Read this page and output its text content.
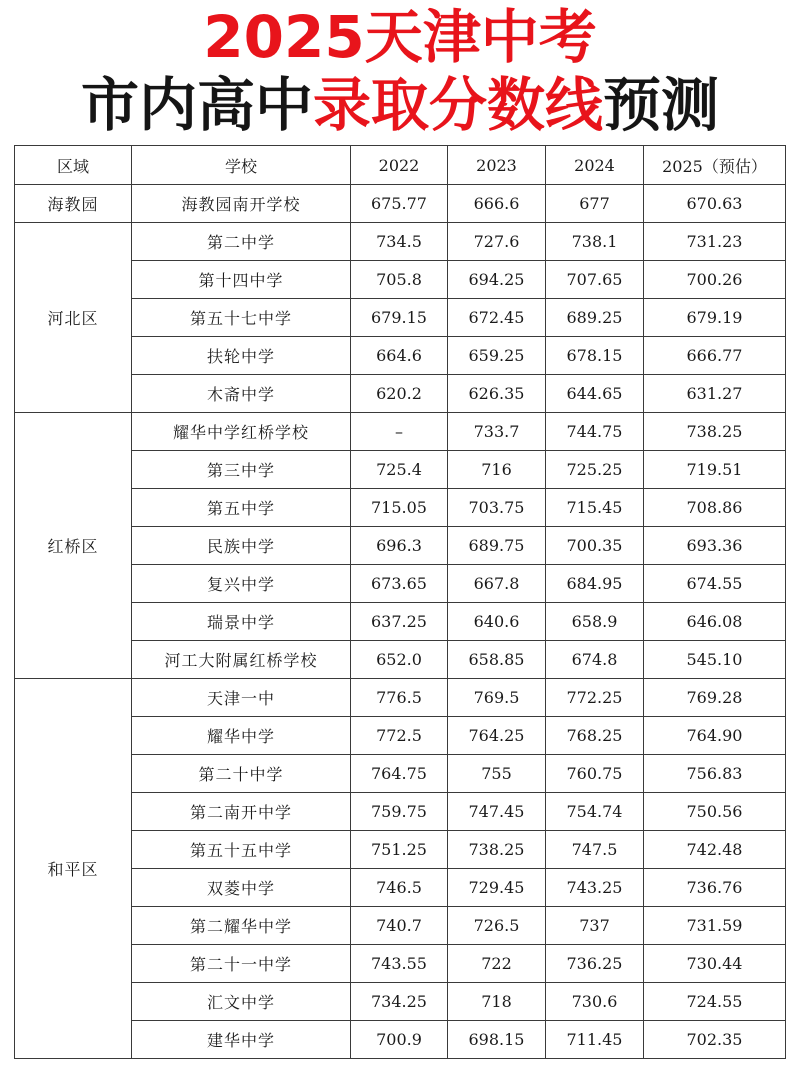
2025天津中考
市内高中录取分数线预测
区域	学校	2022	2023	2024	2025（预估）
海教园	海教园南开学校	675.77	666.6	677	670.63
河北区	第二中学	734.5	727.6	738.1	731.23
	第十四中学	705.8	694.25	707.65	700.26
	第五十七中学	679.15	672.45	689.25	679.19
	扶轮中学	664.6	659.25	678.15	666.77
	木斋中学	620.2	626.35	644.65	631.27
红桥区	耀华中学红桥学校	–	733.7	744.75	738.25
	第三中学	725.4	716	725.25	719.51
	第五中学	715.05	703.75	715.45	708.86
	民族中学	696.3	689.75	700.35	693.36
	复兴中学	673.65	667.8	684.95	674.55
	瑞景中学	637.25	640.6	658.9	646.08
	河工大附属红桥学校	652.0	658.85	674.8	545.10
和平区	天津一中	776.5	769.5	772.25	769.28
	耀华中学	772.5	764.25	768.25	764.90
	第二十中学	764.75	755	760.75	756.83
	第二南开中学	759.75	747.45	754.74	750.56
	第五十五中学	751.25	738.25	747.5	742.48
	双菱中学	746.5	729.45	743.25	736.76
	第二耀华中学	740.7	726.5	737	731.59
	第二十一中学	743.55	722	736.25	730.44
	汇文中学	734.25	718	730.6	724.55
	建华中学	700.9	698.15	711.45	702.35
